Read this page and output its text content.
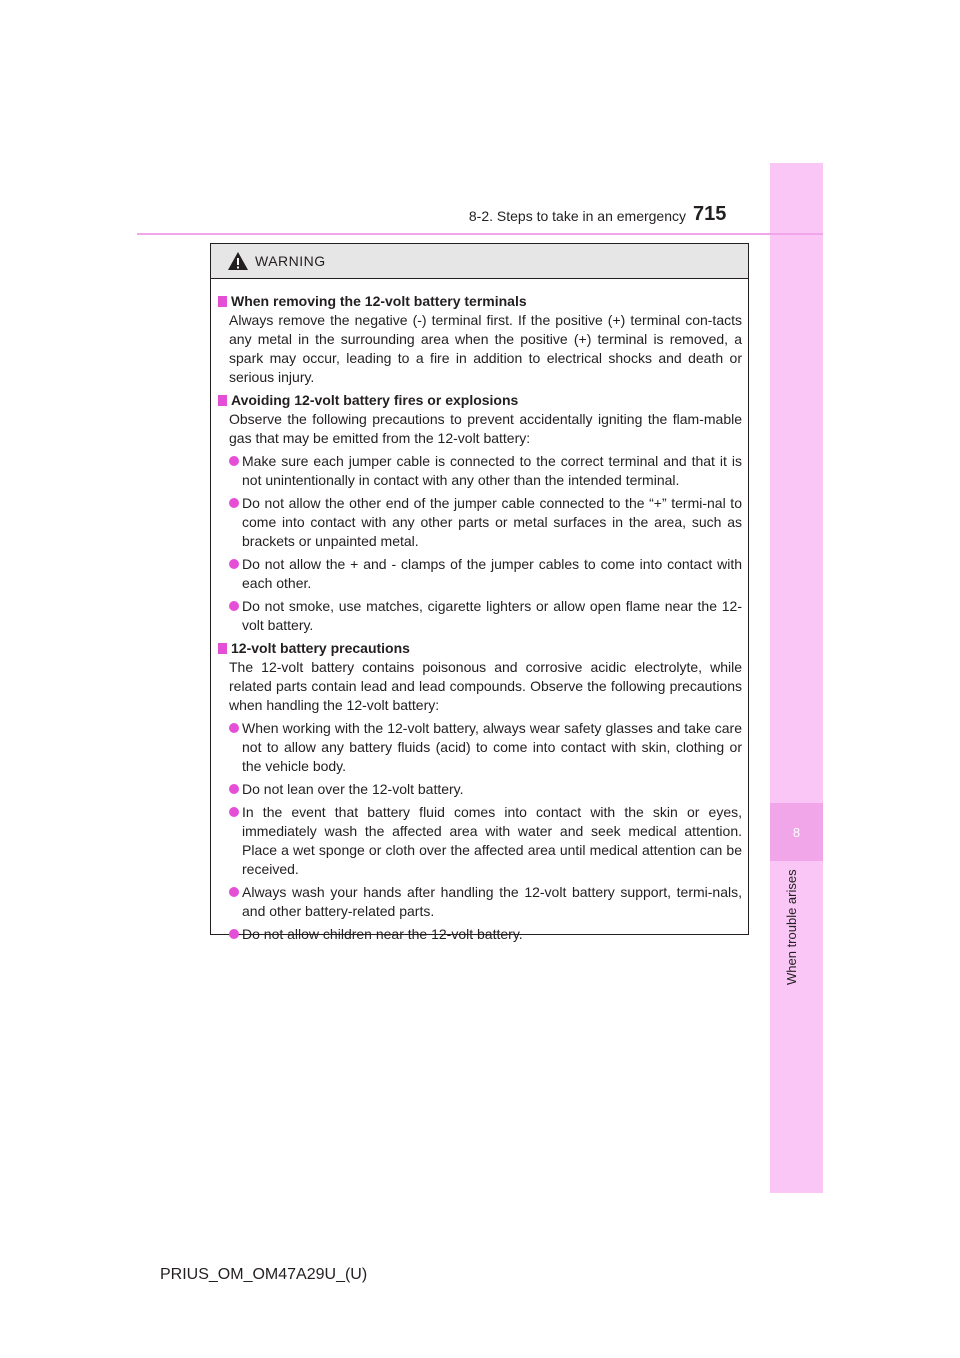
8
When trouble arises
8-2. Steps to take in an emergency 715
WARNING
When removing the 12-volt battery terminals
Always remove the negative (-) terminal first. If the positive (+) terminal con-tacts any metal in the surrounding area when the positive (+) terminal is removed, a spark may occur, leading to a fire in addition to electrical shocks and death or serious injury.
Avoiding 12-volt battery fires or explosions
Observe the following precautions to prevent accidentally igniting the flam-mable gas that may be emitted from the 12-volt battery:
Make sure each jumper cable is connected to the correct terminal and that it is not unintentionally in contact with any other than the intended terminal.
Do not allow the other end of the jumper cable connected to the “+” termi-nal to come into contact with any other parts or metal surfaces in the area, such as brackets or unpainted metal.
Do not allow the + and - clamps of the jumper cables to come into contact with each other.
Do not smoke, use matches, cigarette lighters or allow open flame near the 12-volt battery.
12-volt battery precautions
The 12-volt battery contains poisonous and corrosive acidic electrolyte, while related parts contain lead and lead compounds. Observe the following precautions when handling the 12-volt battery:
When working with the 12-volt battery, always wear safety glasses and take care not to allow any battery fluids (acid) to come into contact with skin, clothing or the vehicle body.
Do not lean over the 12-volt battery.
In the event that battery fluid comes into contact with the skin or eyes, immediately wash the affected area with water and seek medical attention. Place a wet sponge or cloth over the affected area until medical attention can be received.
Always wash your hands after handling the 12-volt battery support, termi-nals, and other battery-related parts.
Do not allow children near the 12-volt battery.
PRIUS_OM_OM47A29U_(U)
